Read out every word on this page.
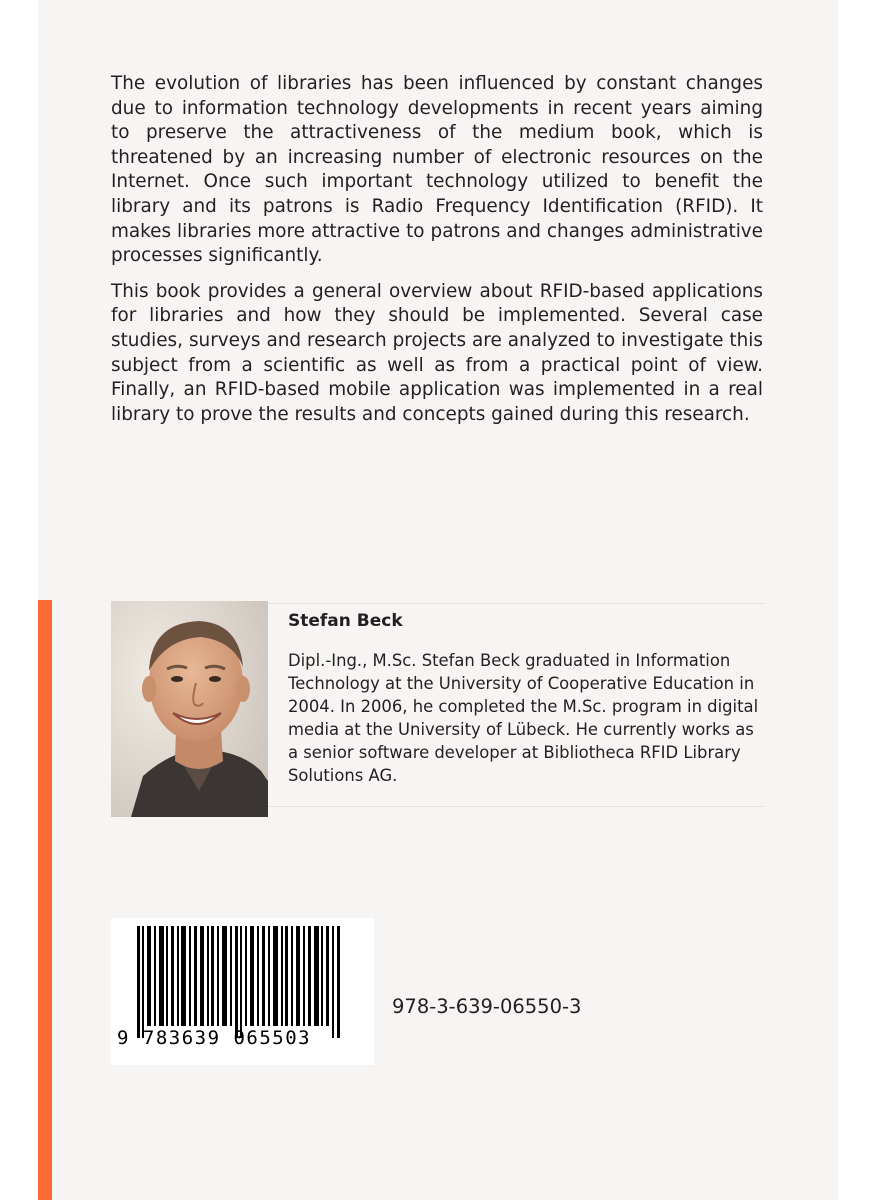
The evolution of libraries has been influenced by constant changes due to information technology developments in recent years aiming to preserve the attractiveness of the medium book, which is threatened by an increasing number of electronic resources on the Internet. Once such important technology utilized to benefit the library and its patrons is Radio Frequency Identification (RFID). It makes libraries more attractive to patrons and changes administrative processes significantly.

This book provides a general overview about RFID-based applications for libraries and how they should be implemented. Several case studies, surveys and research projects are analyzed to investigate this subject from a scientific as well as from a practical point of view. Finally, an RFID-based mobile application was implemented in a real library to prove the results and concepts gained during this research.

Stefan Beck
Dipl.-Ing., M.Sc. Stefan Beck graduated in Information Technology at the University of Cooperative Education in 2004. In 2006, he completed the M.Sc. program in digital media at the University of Lübeck. He currently works as a senior software developer at Bibliotheca RFID Library Solutions AG.
9 783639 065503
978-3-639-06550-3
